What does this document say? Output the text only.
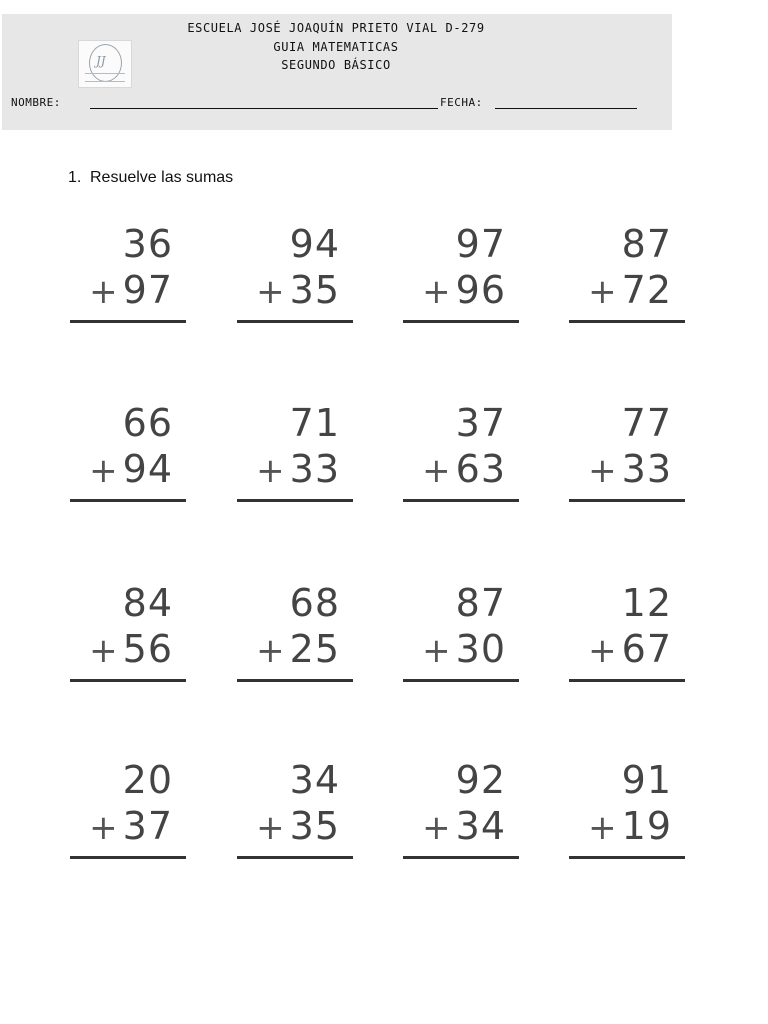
JJ
ESCUELA JOSÉ JOAQUÍN PRIETO VIAL D-279
GUIA MATEMATICAS
SEGUNDO BÁSICO
NOMBRE:	FECHA:
1. Resuelve las sumas
36
+ 97
94
+ 35
97
+ 96
87
+ 72
66
+ 94
71
+ 33
37
+ 63
77
+ 33
84
+ 56
68
+ 25
87
+ 30
12
+ 67
20
+ 37
34
+ 35
92
+ 34
91
+ 19
